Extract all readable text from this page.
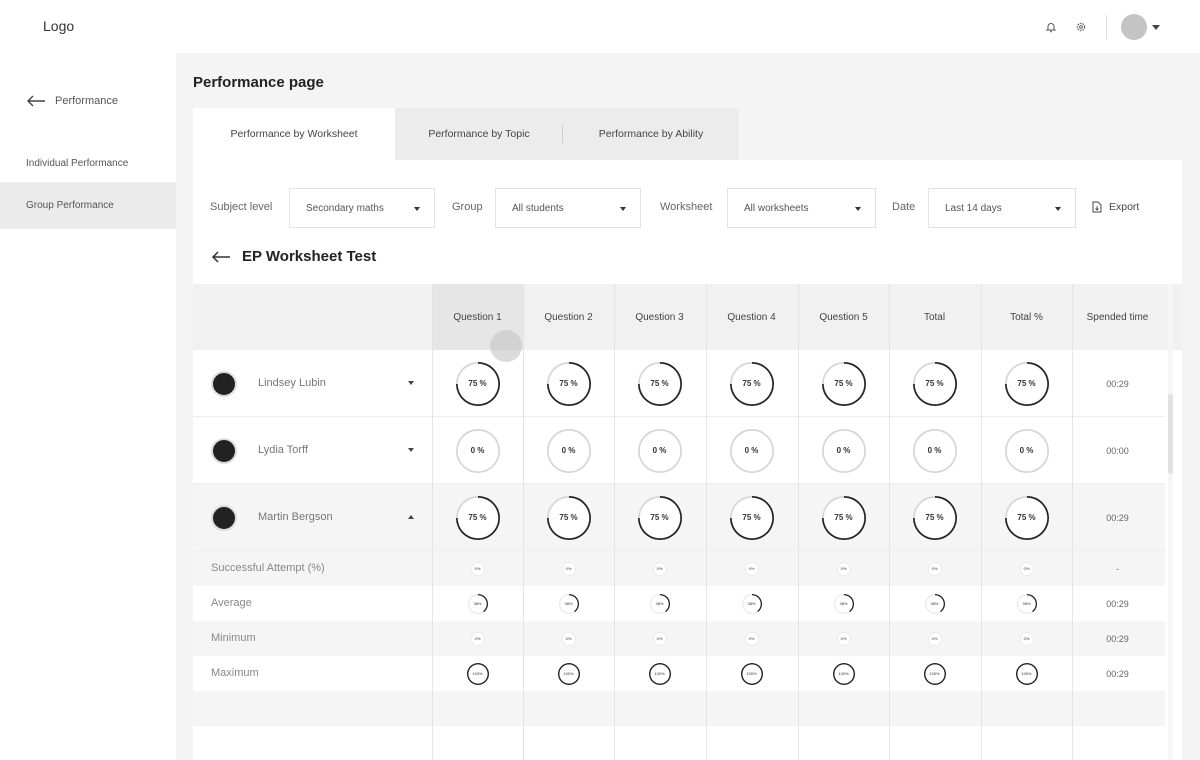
Logo
Performance
Individual Performance
Group Performance
Performance page
Performance by Worksheet	Performance by Topic	Performance by Ability
Subject level	Secondary maths	Group	All students	Worksheet	All worksheets	Date	Last 14 days	Export
EP Worksheet Test
Question 1	Question 2	Question 3	Question 4	Question 5	Total	Total %	Spended time
Lindsey Lubin	75 %	75 %	75 %	75 %	75 %	75 %	75 %	00:29
Lydia Torff	0 %	0 %	0 %	0 %	0 %	0 %	0 %	00:00
Martin Bergson	75 %	75 %	75 %	75 %	75 %	75 %	75 %	00:29
Successful Attempt (%)	0%	0%	0%	0%	0%	0%	0%	-
Average	38%	38%	38%	38%	38%	38%	38%	00:29
Minimum	0%	0%	0%	0%	0%	0%	0%	00:29
Maximum	100%	100%	100%	100%	100%	100%	100%	00:29
